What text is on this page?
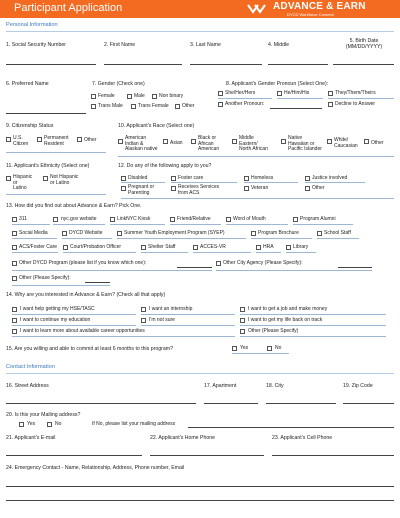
Participant Application	ADVANCE & EARN
DYCD Workforce Connect
Personal Information
1. Social Security Number	2. First Name	3. Last Name	4. Middle
5. Birth Date
(MM/DD/YYYY)
6. Preferred Name	7. Gender (Check one)
Female	Male	Non binary
Trans Male	Trans Female	Other
8. Applicant's Gender Pronoun (Select One):
She/Her/Hers	He/Him/His	They/Them/Theirs
Another Pronoun:	Decline to Answer
9. Citizenship Status
U.S.
Citizen
Permanent
Resident
Other
10. Applicant's Race (Select one)
American
Indian &
Alaskan native
Asian
Black or
African
American
Middle
Eastern/
North African
Native
Hawaiian or
Pacific Islander
White/
Caucasian	Other
11. Applicant's Ethnicity (Select one)
Hispanic
or
Latino
Not Hispanic
or Latino
12. Do any of the following apply to you?
Disabled	Foster care	Homeless	Justice involved
Pregnant or
Parenting
Receives Services
from ACS
Veteran	Other
13. How did you find out about Advance & Earn? Pick One.
311	nyc.gov website	LinkNYC Kiosk	Friend/Relative	Word of Mouth	Program Alumni
Social Media	DYCD Website	Summer Youth Employment Program (SYEP)	Program Brochure	School Staff
ACS/Foster Care	Court/Probation Officer	Shelter Staff	ACCES-VR	HRA	Library
Other DYCD Program (please list if you know which one):	Other City Agency (Please Specify):
Other (Please Specify):
14. Why are you interested in Advance & Earn? (Check all that apply)
I want help getting my HSE/TASC	I want an internship	I want to get a job and make money
I want to continue my education	I'm not sure	I want to get my life back on track
I want to learn more about available career opportunities	Other (Please Specify)
15. Are you willing and able to commit at least 6 months to this program?	Yes	No
Contact Information
16. Street Address	17. Apartment	18. City	19. Zip Code
20. Is this your Mailing address?
Yes	No	If No, please list your mailing address
21. Applicant's E-mail	22. Applicant's Home Phone	23. Applicant's Cell Phone
24. Emergency Contact - Name, Relationship, Address, Phone number, Email
